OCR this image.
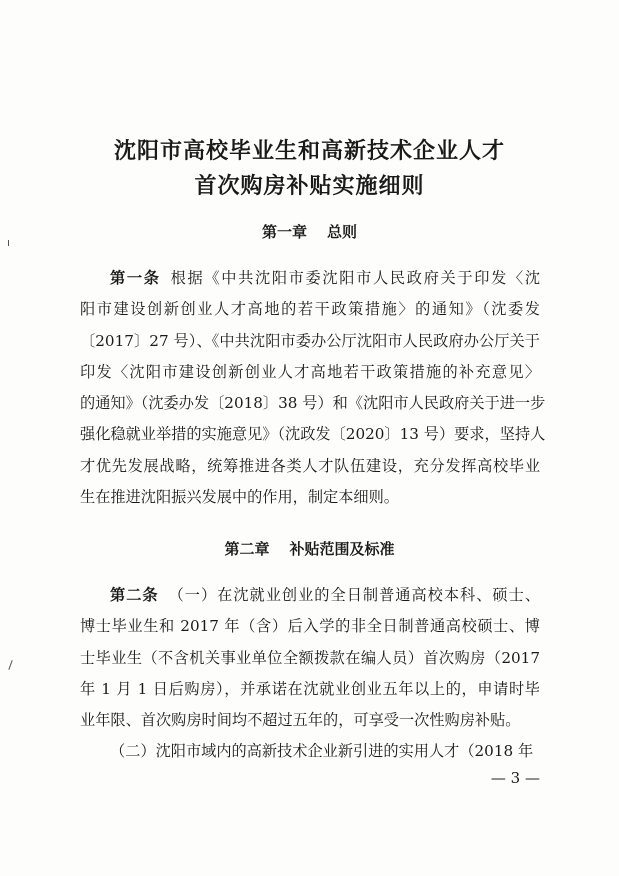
沈阳市高校毕业生和高新技术企业人才
首次购房补贴实施细则
第一章 总则
第一条 根据《中共沈阳市委沈阳市人民政府关于印发〈沈
阳市建设创新创业人才高地的若干政策措施〉的通知》（沈委发
〔2017〕27 号）、《中共沈阳市委办公厅沈阳市人民政府办公厅关于
印发〈沈阳市建设创新创业人才高地若干政策措施的补充意见〉
的通知》（沈委办发〔2018〕38 号）和《沈阳市人民政府关于进一步
强化稳就业举措的实施意见》（沈政发〔2020〕13 号）要求，坚持人
才优先发展战略，统筹推进各类人才队伍建设，充分发挥高校毕业
生在推进沈阳振兴发展中的作用，制定本细则。
第二章 补贴范围及标准
第二条 （一）在沈就业创业的全日制普通高校本科、硕士、
博士毕业生和 2017 年（含）后入学的非全日制普通高校硕士、博
士毕业生（不含机关事业单位全额拨款在编人员）首次购房（2017
年 1 月 1 日后购房），并承诺在沈就业创业五年以上的，申请时毕
业年限、首次购房时间均不超过五年的，可享受一次性购房补贴。
（二）沈阳市域内的高新技术企业新引进的实用人才（2018 年
— 3 —
